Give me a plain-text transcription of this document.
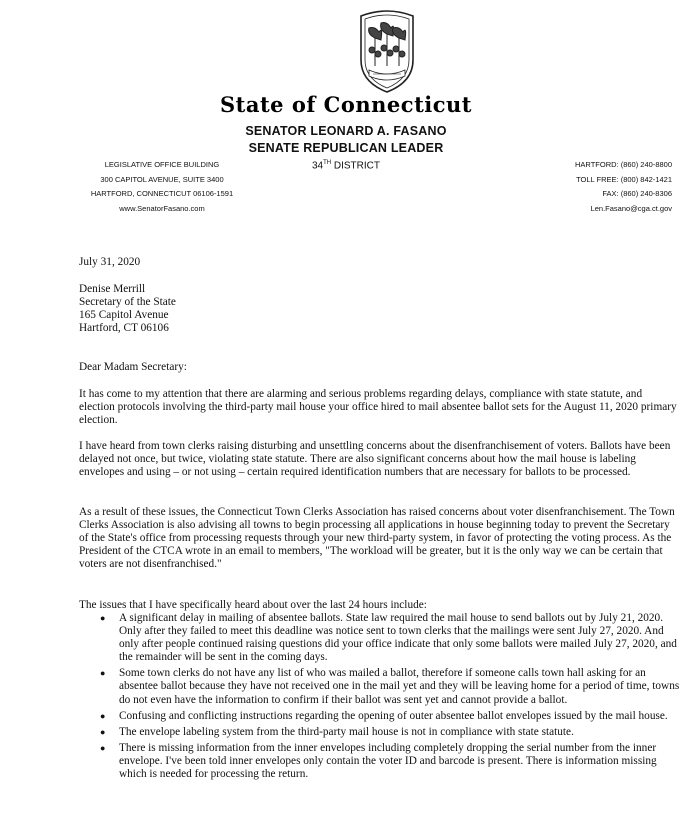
State of Connecticut
SENATOR LEONARD A. FASANO
SENATE REPUBLICAN LEADER
34TH DISTRICT
LEGISLATIVE OFFICE BUILDING
300 CAPITOL AVENUE, SUITE 3400
HARTFORD, CONNECTICUT 06106-1591
www.SenatorFasano.com
HARTFORD: (860) 240-8800
TOLL FREE: (800) 842-1421
FAX: (860) 240-8306
Len.Fasano@cga.ct.gov

July 31, 2020

Denise Merrill
Secretary of the State
165 Capitol Avenue
Hartford, CT 06106

Dear Madam Secretary:

It has come to my attention that there are alarming and serious problems regarding delays, compliance with state statute, and election protocols involving the third-party mail house your office hired to mail absentee ballot sets for the August 11, 2020 primary election.

I have heard from town clerks raising disturbing and unsettling concerns about the disenfranchisement of voters. Ballots have been delayed not once, but twice, violating state statute. There are also significant concerns about how the mail house is labeling envelopes and using – or not using – certain required identification numbers that are necessary for ballots to be processed.

As a result of these issues, the Connecticut Town Clerks Association has raised concerns about voter disenfranchisement. The Town Clerks Association is also advising all towns to begin processing all applications in house beginning today to prevent the Secretary of the State's office from processing requests through your new third-party system, in favor of protecting the voting process. As the President of the CTCA wrote in an email to members, "The workload will be greater, but it is the only way we can be certain that voters are not disenfranchised."

The issues that I have specifically heard about over the last 24 hours include:

● A significant delay in mailing of absentee ballots. State law required the mail house to send ballots out by July 21, 2020. Only after they failed to meet this deadline was notice sent to town clerks that the mailings were sent July 27, 2020. And only after people continued raising questions did your office indicate that only some ballots were mailed July 27, 2020, and the remainder will be sent in the coming days.
● Some town clerks do not have any list of who was mailed a ballot, therefore if someone calls town hall asking for an absentee ballot because they have not received one in the mail yet and they will be leaving home for a period of time, towns do not even have the information to confirm if their ballot was sent yet and cannot provide a ballot.
● Confusing and conflicting instructions regarding the opening of outer absentee ballot envelopes issued by the mail house.
● The envelope labeling system from the third-party mail house is not in compliance with state statute.
● There is missing information from the inner envelopes including completely dropping the serial number from the inner envelope. I've been told inner envelopes only contain the voter ID and barcode is present. There is information missing which is needed for processing the return.
